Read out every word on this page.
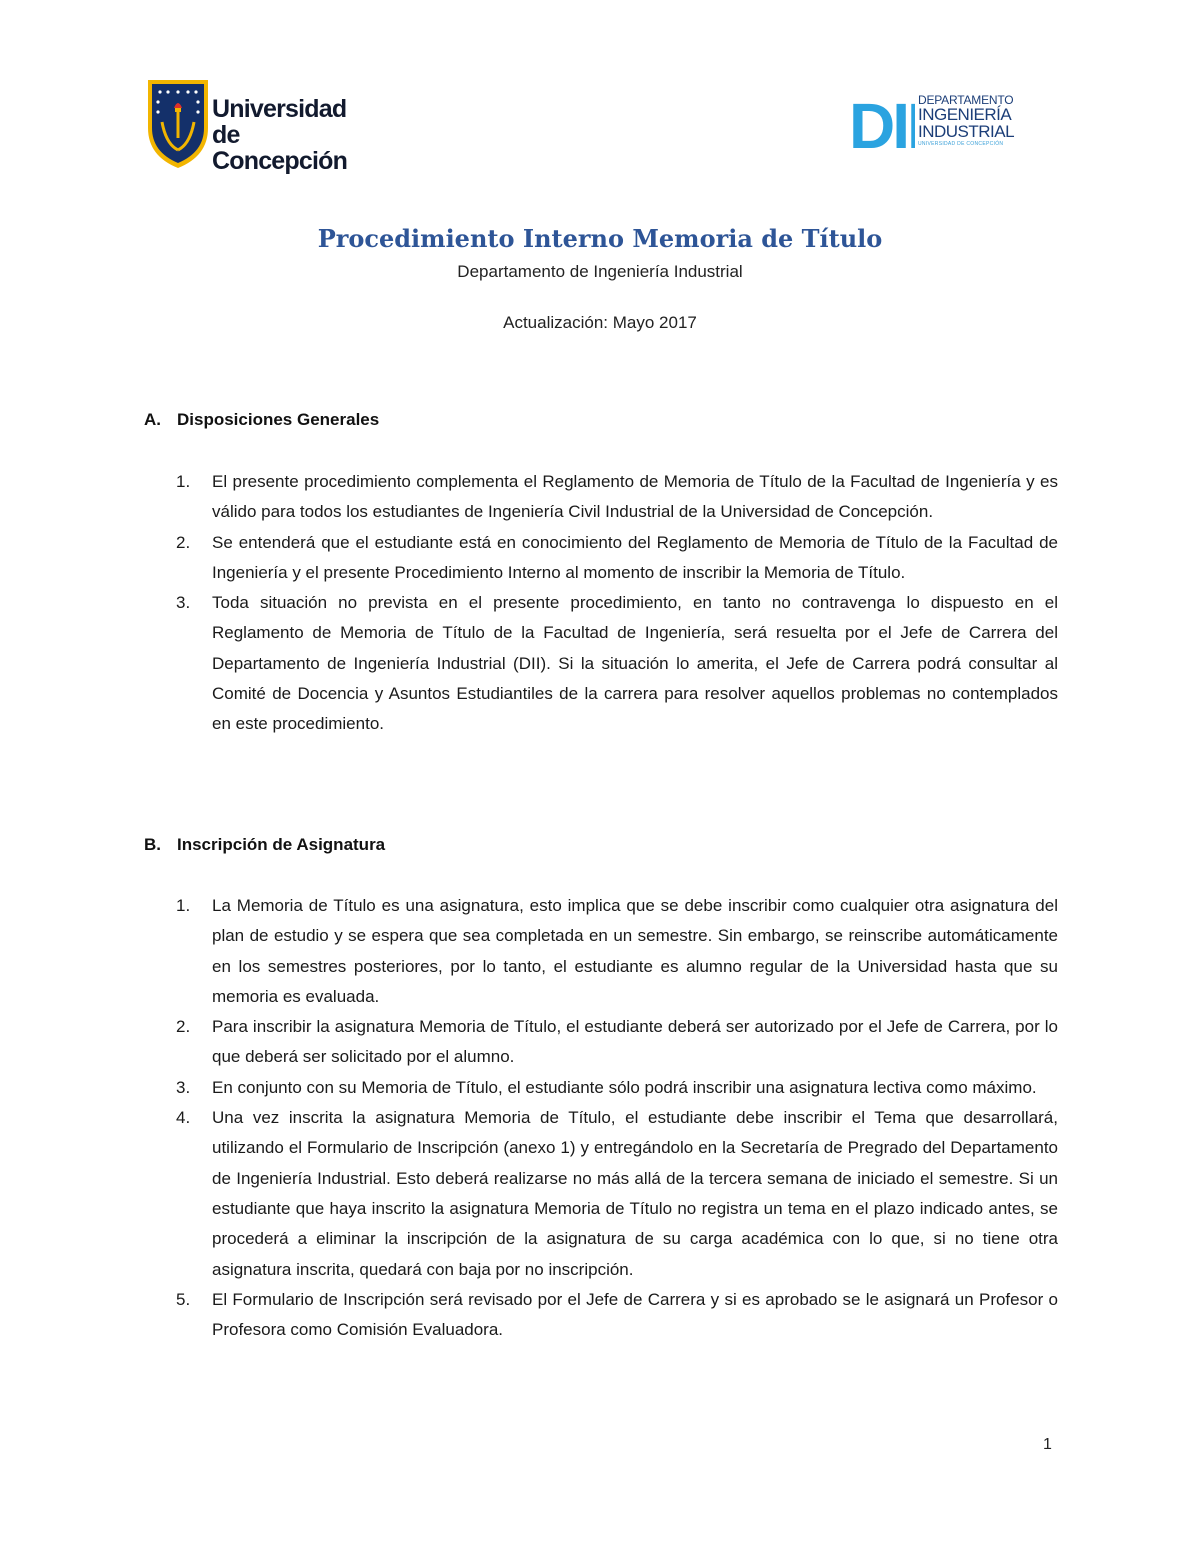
Universidad
de Concepción	DII
DEPARTAMENTO
INGENIERÍA
INDUSTRIAL
UNIVERSIDAD DE CONCEPCIÓN
Procedimiento Interno Memoria de Título
Departamento de Ingeniería Industrial
Actualización: Mayo 2017
A. Disposiciones Generales
1. El presente procedimiento complementa el Reglamento de Memoria de Título de la Facultad de Ingeniería y es válido para todos los estudiantes de Ingeniería Civil Industrial de la Universidad de Concepción.
2. Se entenderá que el estudiante está en conocimiento del Reglamento de Memoria de Título de la Facultad de Ingeniería y el presente Procedimiento Interno al momento de inscribir la Memoria de Título.
3. Toda situación no prevista en el presente procedimiento, en tanto no contravenga lo dispuesto en el Reglamento de Memoria de Título de la Facultad de Ingeniería, será resuelta por el Jefe de Carrera del Departamento de Ingeniería Industrial (DII). Si la situación lo amerita, el Jefe de Carrera podrá consultar al Comité de Docencia y Asuntos Estudiantiles de la carrera para resolver aquellos problemas no contemplados en este procedimiento.
B. Inscripción de Asignatura
1. La Memoria de Título es una asignatura, esto implica que se debe inscribir como cualquier otra asignatura del plan de estudio y se espera que sea completada en un semestre. Sin embargo, se reinscribe automáticamente en los semestres posteriores, por lo tanto, el estudiante es alumno regular de la Universidad hasta que su memoria es evaluada.
2. Para inscribir la asignatura Memoria de Título, el estudiante deberá ser autorizado por el Jefe de Carrera, por lo que deberá ser solicitado por el alumno.
3. En conjunto con su Memoria de Título, el estudiante sólo podrá inscribir una asignatura lectiva como máximo.
4. Una vez inscrita la asignatura Memoria de Título, el estudiante debe inscribir el Tema que desarrollará, utilizando el Formulario de Inscripción (anexo 1) y entregándolo en la Secretaría de Pregrado del Departamento de Ingeniería Industrial. Esto deberá realizarse no más allá de la tercera semana de iniciado el semestre. Si un estudiante que haya inscrito la asignatura Memoria de Título no registra un tema en el plazo indicado antes, se procederá a eliminar la inscripción de la asignatura de su carga académica con lo que, si no tiene otra asignatura inscrita, quedará con baja por no inscripción.
5. El Formulario de Inscripción será revisado por el Jefe de Carrera y si es aprobado se le asignará un Profesor o Profesora como Comisión Evaluadora.
1
